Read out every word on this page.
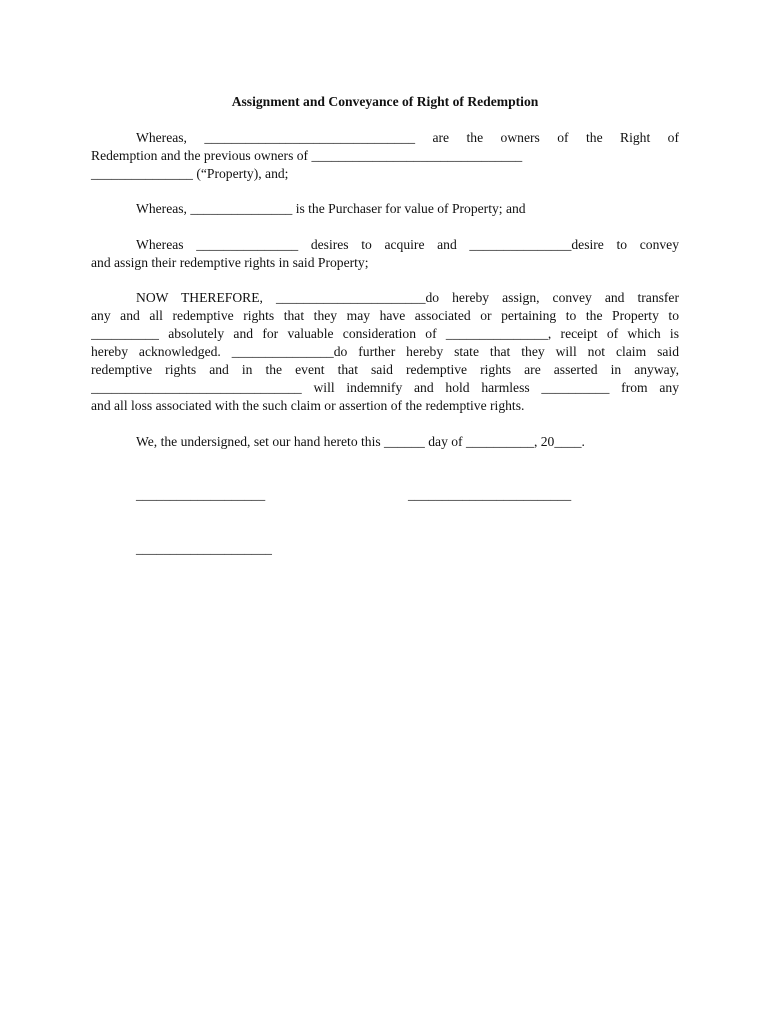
Assignment and Conveyance of Right of Redemption
Whereas, _______________________________ are the owners of the Right of
Redemption and the previous owners of _______________________________
_______________ (“Property), and;
Whereas, _______________ is the Purchaser for value of Property; and
Whereas _______________ desires to acquire and _______________desire to convey
and assign their redemptive rights in said Property;
NOW THEREFORE, ______________________do hereby assign, convey and transfer
any and all redemptive rights that they may have associated or pertaining to the Property to
__________ absolutely and for valuable consideration of _______________, receipt of which is
hereby acknowledged. _______________do further hereby state that they will not claim said
redemptive rights and in the event that said redemptive rights are asserted in anyway,
_______________________________ will indemnify and hold harmless __________ from any
and all loss associated with the such claim or assertion of the redemptive rights.
We, the undersigned, set our hand hereto this ______ day of __________, 20____.
___________________	________________________
____________________
